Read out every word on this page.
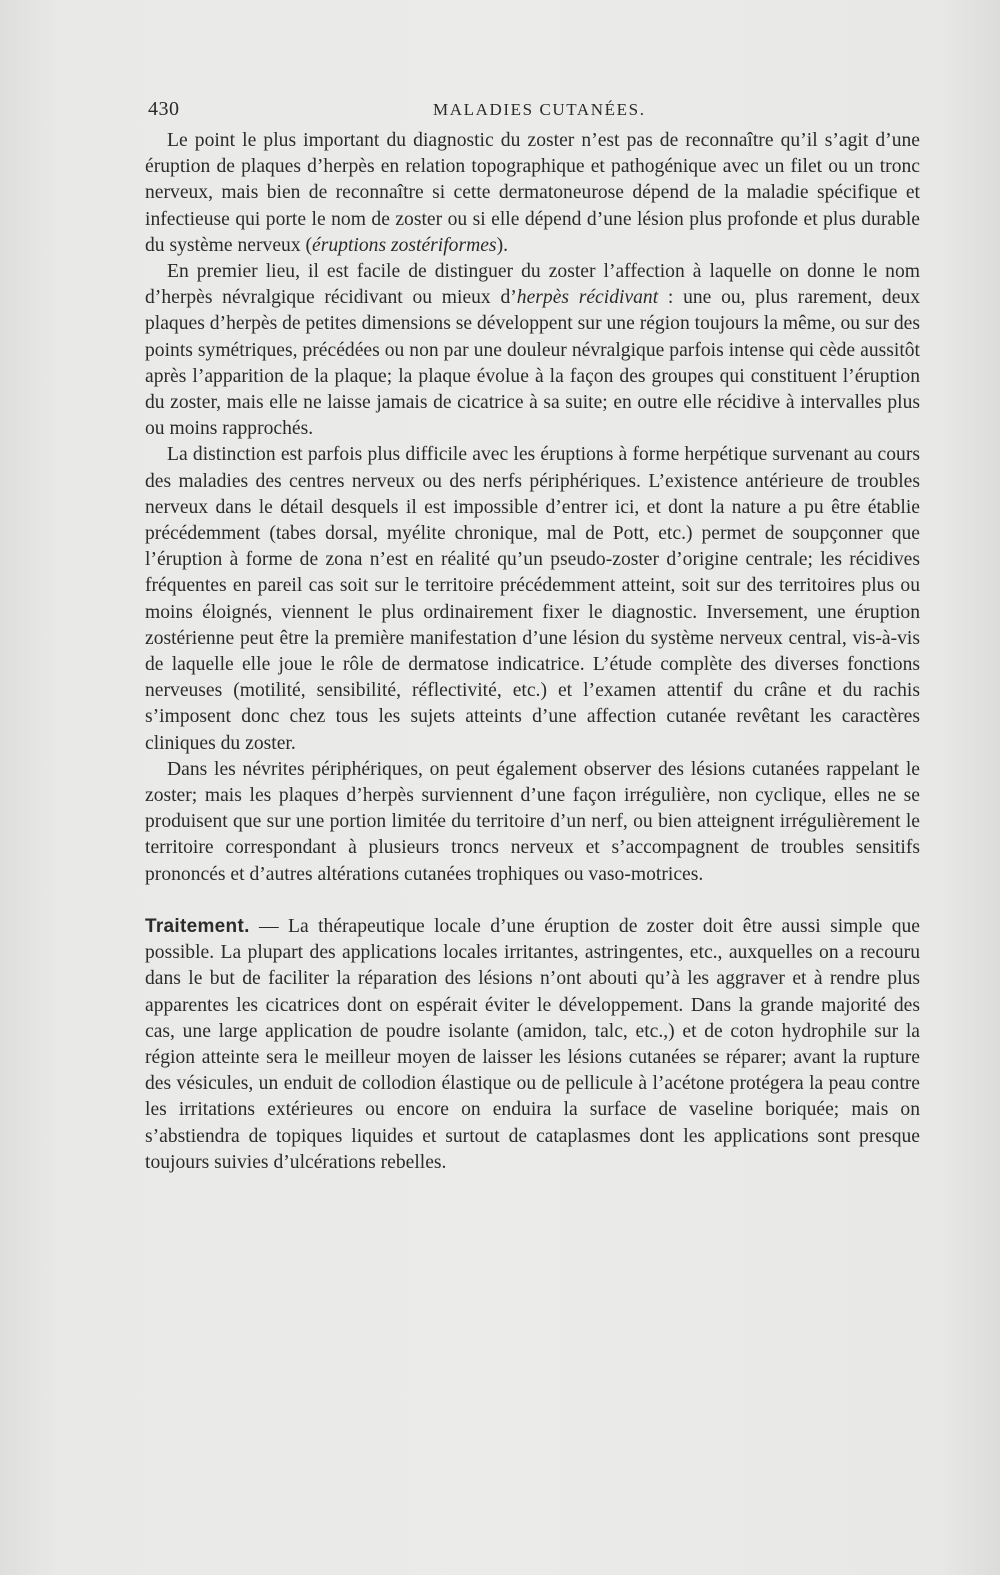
430	MALADIES CUTANÉES.

Le point le plus important du diagnostic du zoster n’est pas de reconnaître qu’il s’agit d’une éruption de plaques d’herpès en relation topographique et pathogénique avec un filet ou un tronc nerveux, mais bien de reconnaître si cette dermatoneurose dépend de la maladie spécifique et infectieuse qui porte le nom de zoster ou si elle dépend d’une lésion plus profonde et plus durable du système nerveux (éruptions zostériformes).

En premier lieu, il est facile de distinguer du zoster l’affection à laquelle on donne le nom d’herpès névralgique récidivant ou mieux d’herpès récidivant : une ou, plus rarement, deux plaques d’herpès de petites dimensions se développent sur une région toujours la même, ou sur des points symétriques, précédées ou non par une douleur névralgique parfois intense qui cède aussitôt après l’apparition de la plaque; la plaque évolue à la façon des groupes qui constituent l’éruption du zoster, mais elle ne laisse jamais de cicatrice à sa suite; en outre elle récidive à intervalles plus ou moins rapprochés.

La distinction est parfois plus difficile avec les éruptions à forme herpétique survenant au cours des maladies des centres nerveux ou des nerfs périphériques. L’existence antérieure de troubles nerveux dans le détail desquels il est impossible d’entrer ici, et dont la nature a pu être établie précédemment (tabes dorsal, myélite chronique, mal de Pott, etc.) permet de soupçonner que l’éruption à forme de zona n’est en réalité qu’un pseudo-zoster d’origine centrale; les récidives fréquentes en pareil cas soit sur le territoire précédemment atteint, soit sur des territoires plus ou moins éloignés, viennent le plus ordinairement fixer le diagnostic. Inversement, une éruption zostérienne peut être la première manifestation d’une lésion du système nerveux central, vis-à-vis de laquelle elle joue le rôle de dermatose indicatrice. L’étude complète des diverses fonctions nerveuses (motilité, sensibilité, réflectivité, etc.) et l’examen attentif du crâne et du rachis s’imposent donc chez tous les sujets atteints d’une affection cutanée revêtant les caractères cliniques du zoster.

Dans les névrites périphériques, on peut également observer des lésions cutanées rappelant le zoster; mais les plaques d’herpès surviennent d’une façon irrégulière, non cyclique, elles ne se produisent que sur une portion limitée du territoire d’un nerf, ou bien atteignent irrégulièrement le territoire correspondant à plusieurs troncs nerveux et s’accompagnent de troubles sensitifs prononcés et d’autres altérations cutanées trophiques ou vaso-motrices.

Traitement. — La thérapeutique locale d’une éruption de zoster doit être aussi simple que possible. La plupart des applications locales irritantes, astringentes, etc., auxquelles on a recouru dans le but de faciliter la réparation des lésions n’ont abouti qu’à les aggraver et à rendre plus apparentes les cicatrices dont on espérait éviter le développement. Dans la grande majorité des cas, une large application de poudre isolante (amidon, talc, etc.,) et de coton hydrophile sur la région atteinte sera le meilleur moyen de laisser les lésions cutanées se réparer; avant la rupture des vésicules, un enduit de collodion élastique ou de pellicule à l’acétone protégera la peau contre les irritations extérieures ou encore on enduira la surface de vaseline boriquée; mais on s’abstiendra de topiques liquides et surtout de cataplasmes dont les applications sont presque toujours suivies d’ulcérations rebelles.
